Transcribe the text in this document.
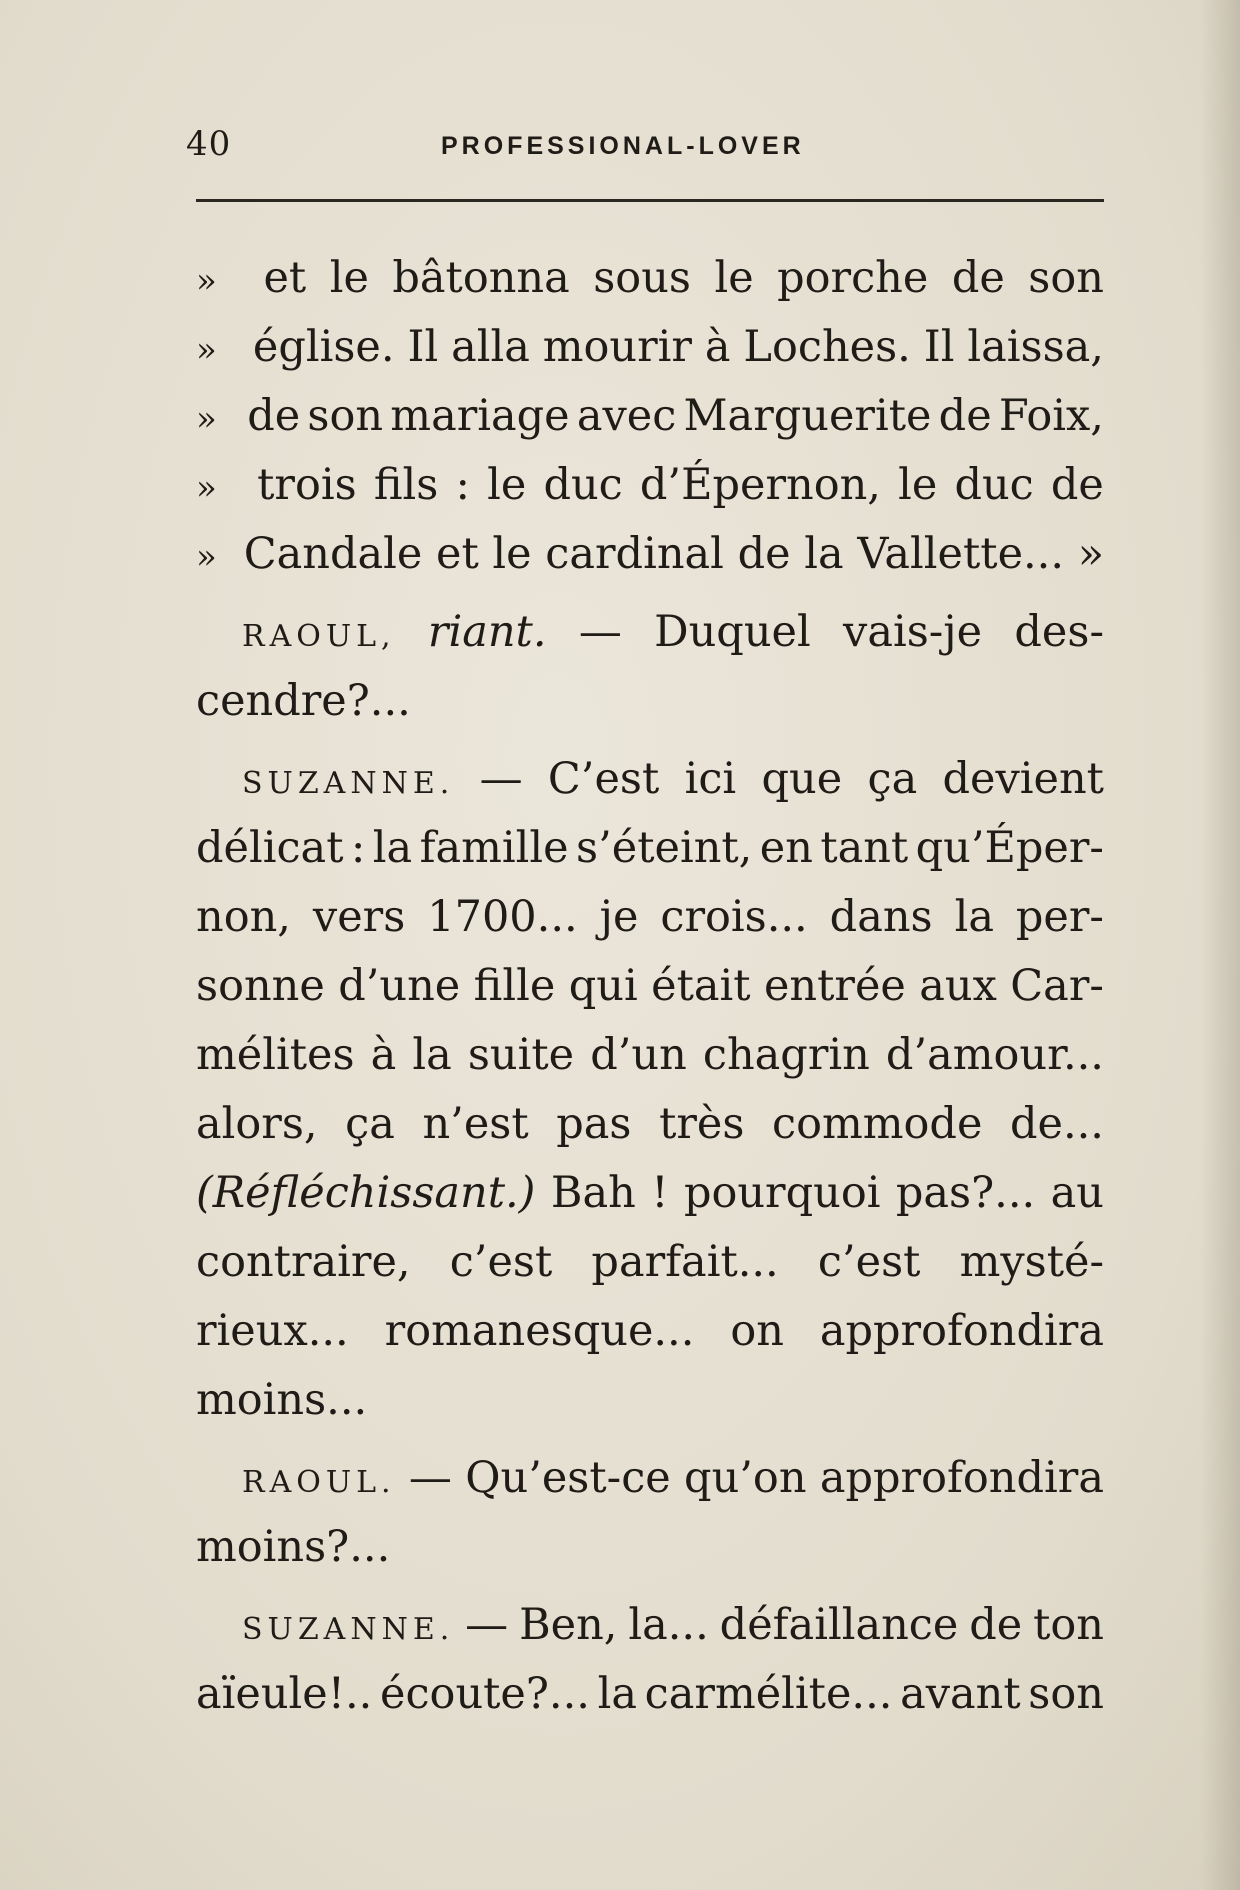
40	PROFESSIONAL-LOVER
»	et le bâtonna sous le porche de son
» église. Il alla mourir à Loches. Il laissa,
» de son mariage avec Marguerite de Foix,
» trois fils : le duc d’Épernon, le duc de
»
Candale et le cardinal de la Vallette... »
RAOUL, riant. — Duquel vais-je des-
cendre?...
SUZANNE. — C’est ici que ça devient
délicat : la famille s’éteint, en tant qu’Éper-
non, vers 1700... je crois... dans la per-
sonne d’une fille qui était entrée aux Car-
mélites à la suite d’un chagrin d’amour...
alors, ça n’est pas très commode de...
(Réfléchissant.) Bah ! pourquoi pas?... au
contraire, c’est parfait... c’est mysté-
rieux... romanesque... on approfondira
moins...
RAOUL. — Qu’est-ce qu’on approfondira
moins?...
SUZANNE. — Ben, la... défaillance de ton
aïeule!.. écoute?... la carmélite... avant son
